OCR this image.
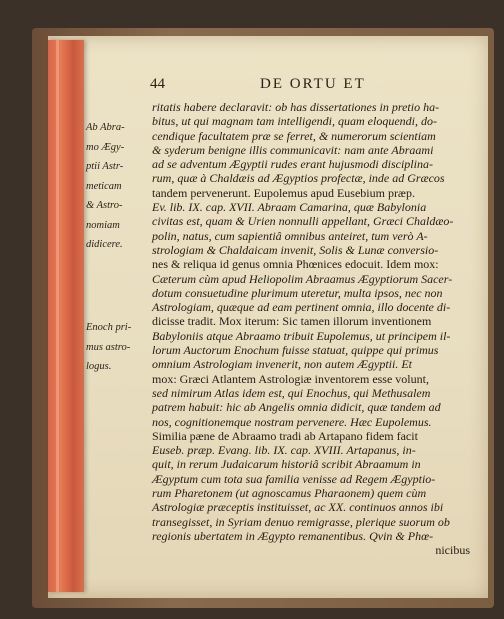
44	DE ORTU ET
Ab Abra-
mo Ægy-
ptii Astr-
meticam
& Astro-
nomiam
didicere.
Enoch pri-
mus astro-
logus.
ritatis habere declaravit: ob has dissertationes in pretio ha-
bitus, ut qui magnam tam intelligendi, quam eloquendi, do-
cendique facultatem præ se ferret, & numerorum scientiam
& syderum benigne illis communicavit: nam ante Abraami
ad se adventum Ægyptii rudes erant hujusmodi disciplina-
rum, quæ à Chaldæis ad Ægyptios profectæ, inde ad Græcos
tandem pervenerunt. Eupolemus apud Eusebium præp.
Ev. lib. IX. cap. XVII. Abraam Camarina, quæ Babylonia
civitas est, quam & Urien nonnulli appellant, Græci Chaldæo-
polin, natus, cum sapientiâ omnibus anteiret, tum verò A-
strologiam & Chaldaicam invenit, Solis & Lunæ conversio-
nes & reliqua id genus omnia Phœnices edocuit. Idem mox:
Cæterum cùm apud Heliopolim Abraamus Ægyptiorum Sacer-
dotum consuetudine plurimum uteretur, multa ipsos, nec non
Astrologiam, quæque ad eam pertinent omnia, illo docente di-
dicisse tradit. Mox iterum: Sic tamen illorum inventionem
Babyloniis atque Abraamo tribuit Eupolemus, ut principem il-
lorum Auctorum Enochum fuisse statuat, quippe qui primus
omnium Astrologiam invenerit, non autem Ægyptii. Et
mox: Græci Atlantem Astrologiæ inventorem esse volunt,
sed nimirum Atlas idem est, qui Enochus, qui Methusalem
patrem habuit: hic ab Angelis omnia didicit, quæ tandem ad
nos, cognitionemque nostram pervenere. Hæc Eupolemus.
Similia pæne de Abraamo tradi ab Artapano fidem facit
Euseb. præp. Evang. lib. IX. cap. XVIII. Artapanus, in-
quit, in rerum Judaicarum historiâ scribit Abraamum in
Ægyptum cum tota sua familia venisse ad Regem Ægyptio-
rum Pharetonem (ut agnoscamus Pharaonem) quem cùm
Astrologiæ præceptis instituisset, ac XX. continuos annos ibi
transegisset, in Syriam denuo remigrasse, plerique suorum ob
regionis ubertatem in Ægypto remanentibus. Qvin & Phœ-
nicibus
